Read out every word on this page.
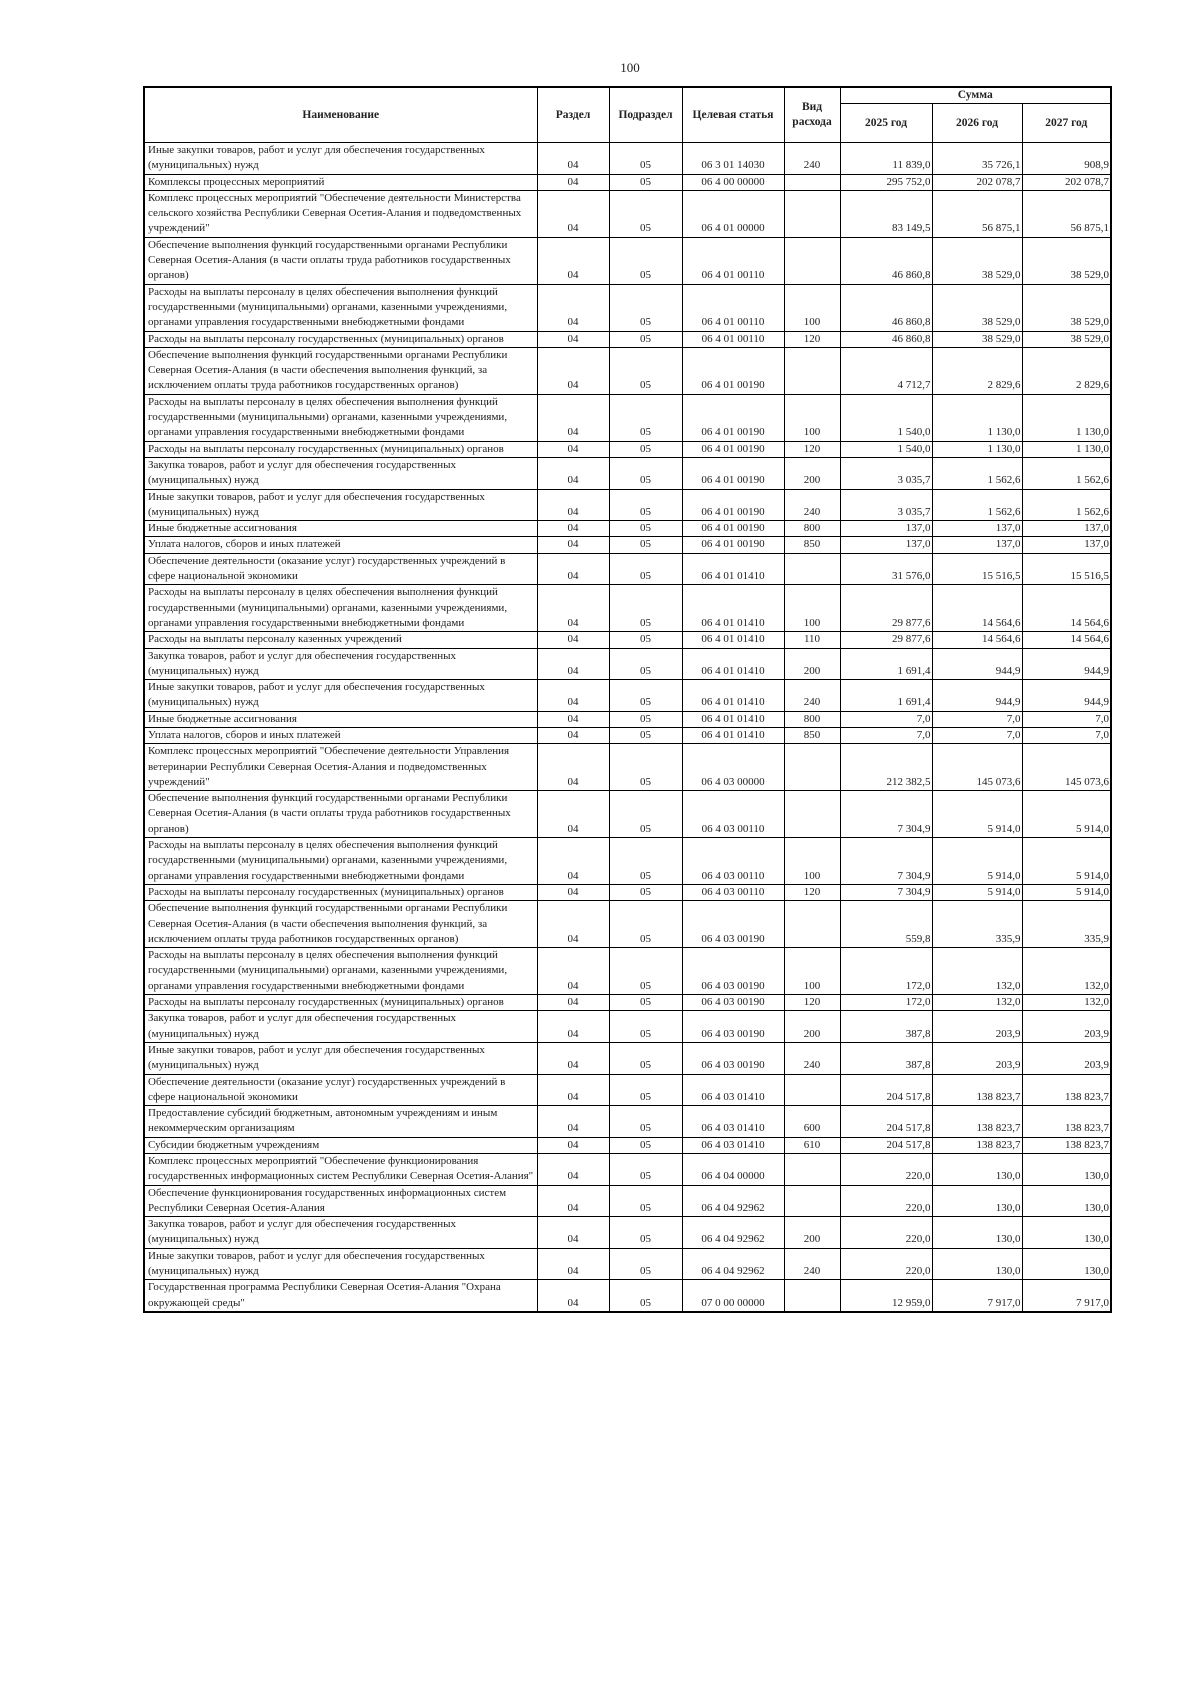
100
Наименование	Раздел	Подраздел	Целевая статья	Вид расхода	Сумма		
					2025 год	2026 год	2027 год
Иные закупки товаров, работ и услуг для обеспечения государственных (муниципальных) нужд	04	05	06 3 01 14030	240	11 839,0	35 726,1	908,9
Комплексы процессных мероприятий	04	05	06 4 00 00000		295 752,0	202 078,7	202 078,7
Комплекс процессных мероприятий "Обеспечение деятельности Министерства сельского хозяйства Республики Северная Осетия-Алания и подведомственных учреждений"	04	05	06 4 01 00000		83 149,5	56 875,1	56 875,1
Обеспечение выполнения функций государственными органами Республики Северная Осетия-Алания (в части оплаты труда работников государственных органов)	04	05	06 4 01 00110		46 860,8	38 529,0	38 529,0
Расходы на выплаты персоналу в целях обеспечения выполнения функций государственными (муниципальными) органами, казенными учреждениями, органами управления государственными внебюджетными фондами	04	05	06 4 01 00110	100	46 860,8	38 529,0	38 529,0
Расходы на выплаты персоналу государственных (муниципальных) органов	04	05	06 4 01 00110	120	46 860,8	38 529,0	38 529,0
Обеспечение выполнения функций государственными органами Республики Северная Осетия-Алания (в части обеспечения выполнения функций, за исключением оплаты труда работников государственных органов)	04	05	06 4 01 00190		4 712,7	2 829,6	2 829,6
Расходы на выплаты персоналу в целях обеспечения выполнения функций государственными (муниципальными) органами, казенными учреждениями, органами управления государственными внебюджетными фондами	04	05	06 4 01 00190	100	1 540,0	1 130,0	1 130,0
Расходы на выплаты персоналу государственных (муниципальных) органов	04	05	06 4 01 00190	120	1 540,0	1 130,0	1 130,0
Закупка товаров, работ и услуг для обеспечения государственных (муниципальных) нужд	04	05	06 4 01 00190	200	3 035,7	1 562,6	1 562,6
Иные закупки товаров, работ и услуг для обеспечения государственных (муниципальных) нужд	04	05	06 4 01 00190	240	3 035,7	1 562,6	1 562,6
Иные бюджетные ассигнования	04	05	06 4 01 00190	800	137,0	137,0	137,0
Уплата налогов, сборов и иных платежей	04	05	06 4 01 00190	850	137,0	137,0	137,0
Обеспечение деятельности (оказание услуг) государственных учреждений в сфере национальной экономики	04	05	06 4 01 01410		31 576,0	15 516,5	15 516,5
Расходы на выплаты персоналу в целях обеспечения выполнения функций государственными (муниципальными) органами, казенными учреждениями, органами управления государственными внебюджетными фондами	04	05	06 4 01 01410	100	29 877,6	14 564,6	14 564,6
Расходы на выплаты персоналу казенных учреждений	04	05	06 4 01 01410	110	29 877,6	14 564,6	14 564,6
Закупка товаров, работ и услуг для обеспечения государственных (муниципальных) нужд	04	05	06 4 01 01410	200	1 691,4	944,9	944,9
Иные закупки товаров, работ и услуг для обеспечения государственных (муниципальных) нужд	04	05	06 4 01 01410	240	1 691,4	944,9	944,9
Иные бюджетные ассигнования	04	05	06 4 01 01410	800	7,0	7,0	7,0
Уплата налогов, сборов и иных платежей	04	05	06 4 01 01410	850	7,0	7,0	7,0
Комплекс процессных мероприятий "Обеспечение деятельности Управления ветеринарии Республики Северная Осетия-Алания и подведомственных учреждений"	04	05	06 4 03 00000		212 382,5	145 073,6	145 073,6
Обеспечение выполнения функций государственными органами Республики Северная Осетия-Алания (в части оплаты труда работников государственных органов)	04	05	06 4 03 00110		7 304,9	5 914,0	5 914,0
Расходы на выплаты персоналу в целях обеспечения выполнения функций государственными (муниципальными) органами, казенными учреждениями, органами управления государственными внебюджетными фондами	04	05	06 4 03 00110	100	7 304,9	5 914,0	5 914,0
Расходы на выплаты персоналу государственных (муниципальных) органов	04	05	06 4 03 00110	120	7 304,9	5 914,0	5 914,0
Обеспечение выполнения функций государственными органами Республики Северная Осетия-Алания (в части обеспечения выполнения функций, за исключением оплаты труда работников государственных органов)	04	05	06 4 03 00190		559,8	335,9	335,9
Расходы на выплаты персоналу в целях обеспечения выполнения функций государственными (муниципальными) органами, казенными учреждениями, органами управления государственными внебюджетными фондами	04	05	06 4 03 00190	100	172,0	132,0	132,0
Расходы на выплаты персоналу государственных (муниципальных) органов	04	05	06 4 03 00190	120	172,0	132,0	132,0
Закупка товаров, работ и услуг для обеспечения государственных (муниципальных) нужд	04	05	06 4 03 00190	200	387,8	203,9	203,9
Иные закупки товаров, работ и услуг для обеспечения государственных (муниципальных) нужд	04	05	06 4 03 00190	240	387,8	203,9	203,9
Обеспечение деятельности (оказание услуг) государственных учреждений в сфере национальной экономики	04	05	06 4 03 01410		204 517,8	138 823,7	138 823,7
Предоставление субсидий бюджетным, автономным учреждениям и иным некоммерческим организациям	04	05	06 4 03 01410	600	204 517,8	138 823,7	138 823,7
Субсидии бюджетным учреждениям	04	05	06 4 03 01410	610	204 517,8	138 823,7	138 823,7
Комплекс процессных мероприятий "Обеспечение функционирования государственных информационных систем Республики Северная Осетия-Алания"	04	05	06 4 04 00000		220,0	130,0	130,0
Обеспечение функционирования государственных информационных систем Республики Северная Осетия-Алания	04	05	06 4 04 92962		220,0	130,0	130,0
Закупка товаров, работ и услуг для обеспечения государственных (муниципальных) нужд	04	05	06 4 04 92962	200	220,0	130,0	130,0
Иные закупки товаров, работ и услуг для обеспечения государственных (муниципальных) нужд	04	05	06 4 04 92962	240	220,0	130,0	130,0
Государственная программа Республики Северная Осетия-Алания "Охрана окружающей среды"	04	05	07 0 00 00000		12 959,0	7 917,0	7 917,0
